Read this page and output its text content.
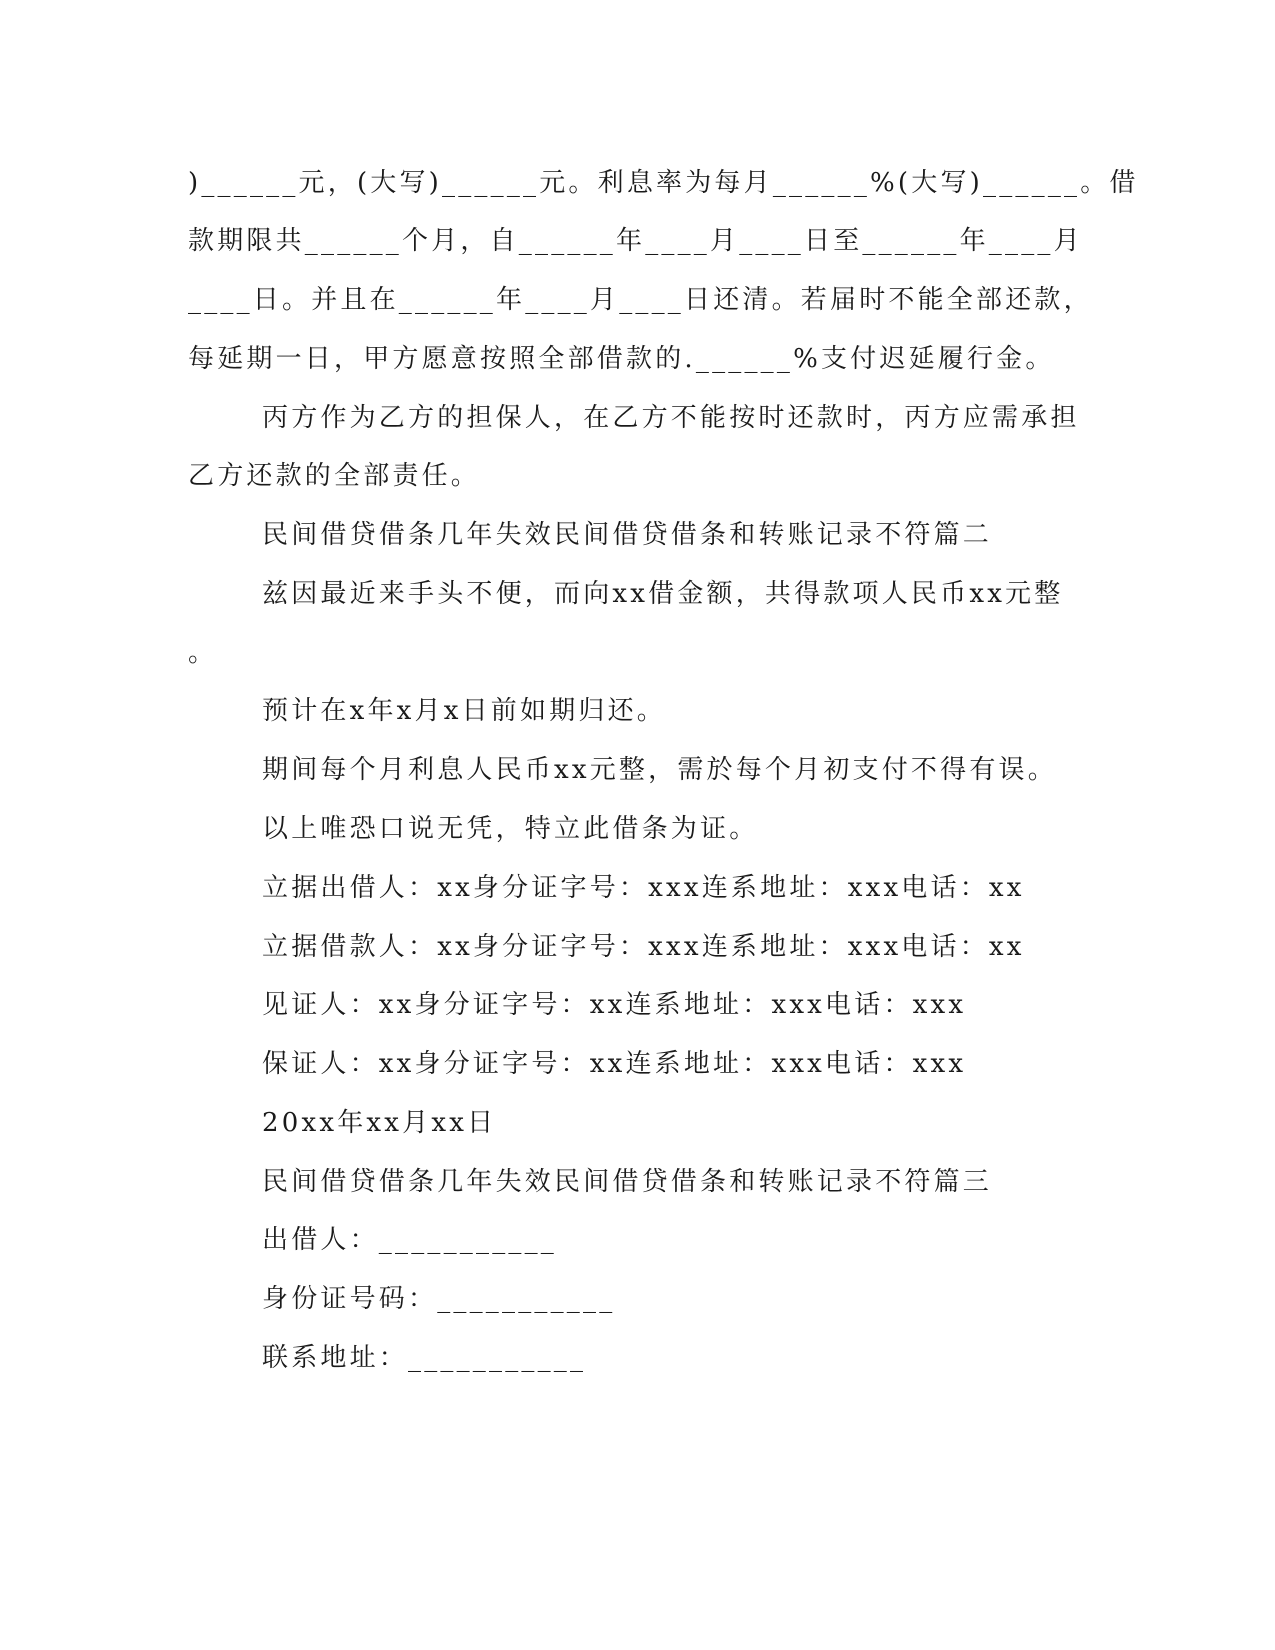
)______元，(大写)______元。利息率为每月______%(大写)______。借
款期限共______个月，自______年____月____日至______年____月
____日。并且在______年____月____日还清。若届时不能全部还款，
每延期一日，甲方愿意按照全部借款的.______%支付迟延履行金。
丙方作为乙方的担保人，在乙方不能按时还款时，丙方应需承担
乙方还款的全部责任。
民间借贷借条几年失效民间借贷借条和转账记录不符篇二
兹因最近来手头不便，而向xx借金额，共得款项人民币xx元整
。
预计在x年x月x日前如期归还。
期间每个月利息人民币xx元整，需於每个月初支付不得有误。
以上唯恐口说无凭，特立此借条为证。
立据出借人：xx身分证字号：xxx连系地址：xxx电话：xx
立据借款人：xx身分证字号：xxx连系地址：xxx电话：xx
见证人：xx身分证字号：xx连系地址：xxx电话：xxx
保证人：xx身分证字号：xx连系地址：xxx电话：xxx
20xx年xx月xx日
民间借贷借条几年失效民间借贷借条和转账记录不符篇三
出借人：___________
身份证号码：___________
联系地址：___________
